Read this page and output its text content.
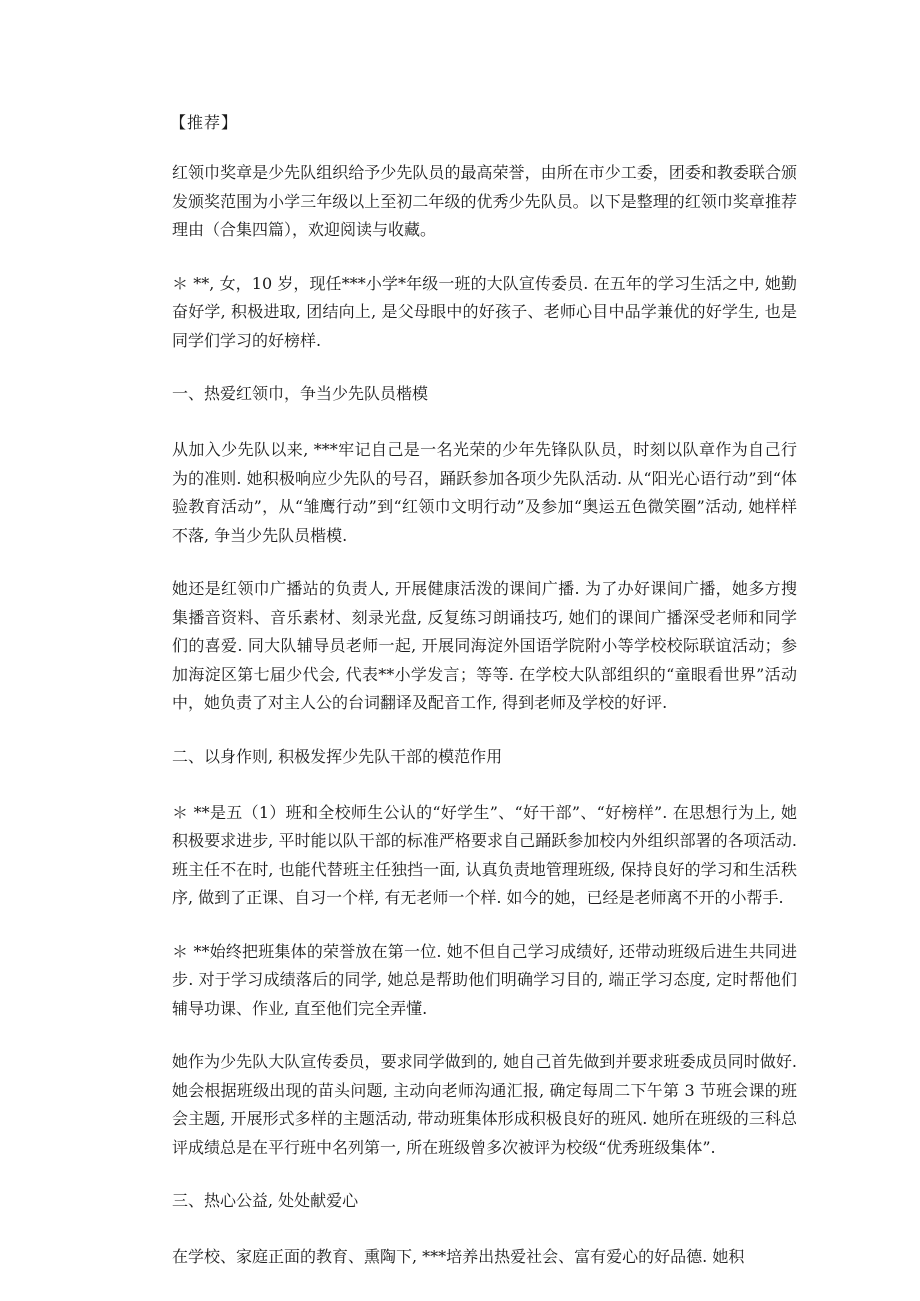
【推荐】

红领巾奖章是少先队组织给予少先队员的最高荣誉，由所在市少工委，团委和教委联合颁发颁奖范围为小学三年级以上至初二年级的优秀少先队员。以下是整理的红领巾奖章推荐理由（合集四篇），欢迎阅读与收藏。

＊ **, 女，10 岁，现任***小学*年级一班的大队宣传委员. 在五年的学习生活之中, 她勤奋好学, 积极进取, 团结向上, 是父母眼中的好孩子、老师心目中品学兼优的好学生, 也是同学们学习的好榜样.

一、热爱红领巾，争当少先队员楷模

从加入少先队以来, ***牢记自己是一名光荣的少年先锋队队员，时刻以队章作为自己行为的准则. 她积极响应少先队的号召，踊跃参加各项少先队活动. 从“阳光心语行动”到“体验教育活动”，从“雏鹰行动”到“红领巾文明行动”及参加“奥运五色微笑圈”活动, 她样样不落, 争当少先队员楷模.

她还是红领巾广播站的负责人, 开展健康活泼的课间广播. 为了办好课间广播，她多方搜集播音资料、音乐素材、刻录光盘, 反复练习朗诵技巧, 她们的课间广播深受老师和同学们的喜爱. 同大队辅导员老师一起, 开展同海淀外国语学院附小等学校校际联谊活动；参加海淀区第七届少代会, 代表**小学发言；等等. 在学校大队部组织的“童眼看世界”活动中，她负责了对主人公的台词翻译及配音工作, 得到老师及学校的好评.

二、以身作则, 积极发挥少先队干部的模范作用

＊ **是五（1）班和全校师生公认的“好学生”、“好干部”、“好榜样”. 在思想行为上, 她积极要求进步, 平时能以队干部的标准严格要求自己踊跃参加校内外组织部署的各项活动. 班主任不在时, 也能代替班主任独挡一面, 认真负责地管理班级, 保持良好的学习和生活秩序, 做到了正课、自习一个样, 有无老师一个样. 如今的她，已经是老师离不开的小帮手.

＊ **始终把班集体的荣誉放在第一位. 她不但自己学习成绩好, 还带动班级后进生共同进步. 对于学习成绩落后的同学, 她总是帮助他们明确学习目的, 端正学习态度, 定时帮他们辅导功课、作业, 直至他们完全弄懂.

她作为少先队大队宣传委员，要求同学做到的, 她自己首先做到并要求班委成员同时做好. 她会根据班级出现的苗头问题, 主动向老师沟通汇报, 确定每周二下午第 3 节班会课的班会主题, 开展形式多样的主题活动, 带动班集体形成积极良好的班风. 她所在班级的三科总评成绩总是在平行班中名列第一, 所在班级曾多次被评为校级“优秀班级集体”.

三、热心公益, 处处献爱心

在学校、家庭正面的教育、熏陶下, ***培养出热爱社会、富有爱心的好品德. 她积
